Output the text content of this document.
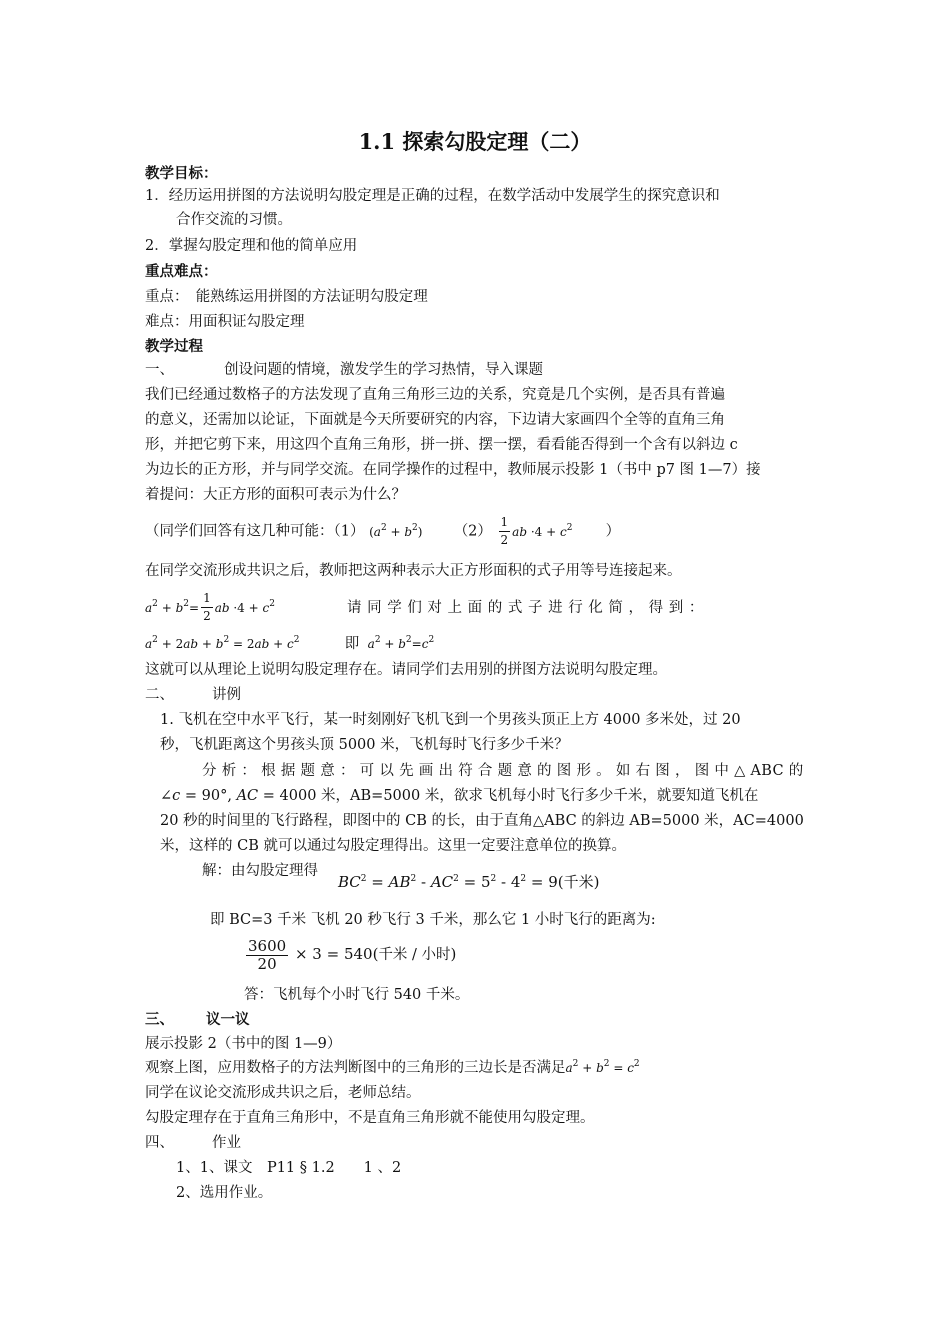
1.1 探索勾股定理（二）
教学目标：
1．经历运用拼图的方法说明勾股定理是正确的过程，在数学活动中发展学生的探究意识和
合作交流的习惯。
2．掌握勾股定理和他的简单应用
重点难点：
重点：　能熟练运用拼图的方法证明勾股定理
难点：用面积证勾股定理
教学过程
一、	创设问题的情境，激发学生的学习热情，导入课题
我们已经通过数格子的方法发现了直角三角形三边的关系，究竟是几个实例，是否具有普遍
的意义，还需加以论证，下面就是今天所要研究的内容，下边请大家画四个全等的直角三角
形，并把它剪下来，用这四个直角三角形，拼一拼、摆一摆，看看能否得到一个含有以斜边 c
为边长的正方形，并与同学交流。在同学操作的过程中，教师展示投影 1（书中 p7 图 1—7）接
着提问：大正方形的面积可表示为什么？
（同学们回答有这几种可能：（1） $(a^2 + b^2)$ $(2) \frac{1}{2}$ ab $\cdot 4 + c^2$ ）
在同学交流形成共识之后，教师把这两种表示大正方形面积的式子用等号连接起来。
$a^2 + b^2= \frac{1}{2}$ ab $\cdot 4 + c^2$	请 同 学 们 对 上 面 的 式 子 进 行 化 简 ， 得 到 ：
$a^2 + 2ab + b^2 = 2ab + c^2$	即 $a^2 + b^2=c^2$
这就可以从理论上说明勾股定理存在。请同学们去用别的拼图方法说明勾股定理。
二、	讲例
1. 飞机在空中水平飞行，某一时刻刚好飞机飞到一个男孩头顶正上方 4000 多米处，过 20
秒，飞机距离这个男孩头顶 5000 米，飞机每时飞行多少千米？
分 析 ： 根 据 题 意 ： 可 以 先 画 出 符 合 题 意 的 图 形 。 如 右 图 ， 图 中 △ ABC 的
∠c = 90°, AC = 4000 米，AB=5000 米，欲求飞机每小时飞行多少千米，就要知道飞机在
20 秒的时间里的飞行路程，即图中的 CB 的长，由于直角△ABC 的斜边 AB=5000 米，AC=4000
米，这样的 CB 就可以通过勾股定理得出。这里一定要注意单位的换算。
解：由勾股定理得
$BC^2 = AB^2 - AC^2 = 5^2 - 4^2 = 9$(千米)
即 BC=3 千米 飞机 20 秒飞行 3 千米，那么它 1 小时飞行的距离为:
$\frac{3600}{20} \times 3 = 540$(千米 / 小时)
答：飞机每个小时飞行 540 千米。
三、 议一议
展示投影 2（书中的图 1—9）
观察上图，应用数格子的方法判断图中的三角形的三边长是否满足$a^2 + b^2 = c^2$
同学在议论交流形成共识之后，老师总结。
勾股定理存在于直角三角形中，不是直角三角形就不能使用勾股定理。
四、	作业
1、1、课文　P11 § 1.2　　1 、2
2、选用作业。
